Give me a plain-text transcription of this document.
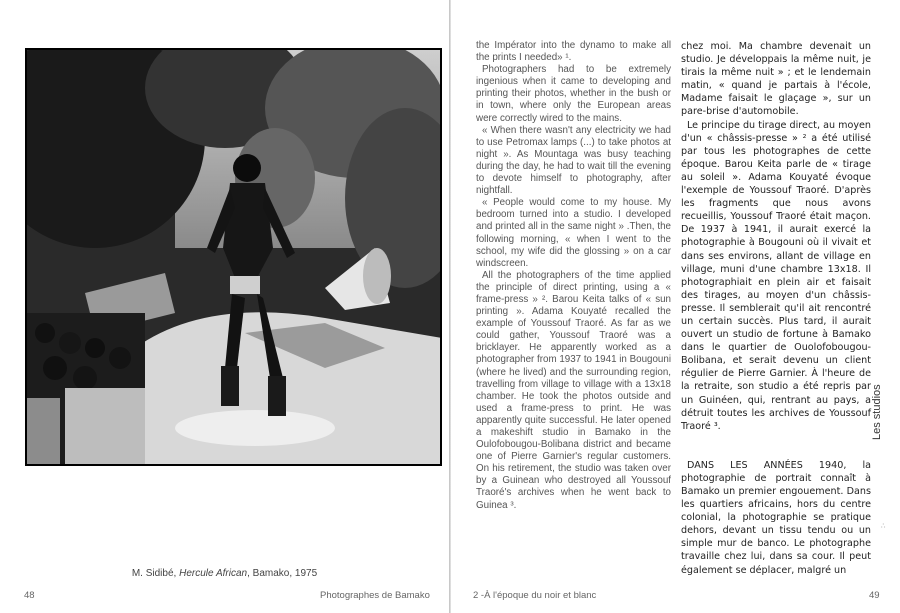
M. Sidibé, Hercule African, Bamako, 1975
48	Photographes de Bamako

the Impérator into the dynamo to make all the prints I needed» ¹.

Photographers had to be extremely ingenious when it came to developing and printing their photos, whether in the bush or in town, where only the European areas were correctly wired to the mains.

« When there wasn't any electricity we had to use Petromax lamps (...) to take photos at night ». As Mountaga was busy teaching during the day, he had to wait till the evening to devote himself to photography, after nightfall.

« People would come to my house. My bedroom turned into a studio. I developed and printed all in the same night » .Then, the following morning, « when I went to the school, my wife did the glossing » on a car windscreen.

All the photographers of the time applied the principle of direct printing, using a « frame-press » ². Barou Keita talks of « sun printing ». Adama Kouyaté recalled the example of Youssouf Traoré. As far as we could gather, Youssouf Traoré was a bricklayer. He apparently worked as a photographer from 1937 to 1941 in Bougouni (where he lived) and the surrounding region, travelling from village to village with a 13x18 chamber. He took the photos outside and used a frame-press to print. He was apparently quite successful. He later opened a makeshift studio in Bamako in the Oulofobougou-Bolibana district and became one of Pierre Garnier's regular customers. On his retirement, the studio was taken over by a Guinean who destroyed all Youssouf Traoré's archives when he went back to Guinea ³.

chez moi. Ma chambre devenait un studio. Je développais la même nuit, je tirais la même nuit » ; et le lendemain matin, « quand je partais à l'école, Madame faisait le glaçage », sur un pare-brise d'automobile.

Le principe du tirage direct, au moyen d'un « châssis-presse » ² a été utilisé par tous les photographes de cette époque. Barou Keita parle de « tirage au soleil ». Adama Kouyaté évoque l'exemple de Youssouf Traoré. D'après les fragments que nous avons recueillis, Youssouf Traoré était maçon. De 1937 à 1941, il aurait exercé la photographie à Bougouni où il vivait et dans ses environs, allant de village en village, muni d'une chambre 13x18. Il photographiait en plein air et faisait des tirages, au moyen d'un châssis-presse. Il semblerait qu'il ait rencontré un certain succès. Plus tard, il aurait ouvert un studio de fortune à Bamako dans le quartier de Ouolofobougou-Bolibana, et serait devenu un client régulier de Pierre Garnier. À l'heure de la retraite, son studio a été repris par un Guinéen, qui, rentrant au pays, a détruit toutes les archives de Youssouf Traoré ³.

DANS LES ANNÉES 1940, la photographie de portrait connaît à Bamako un premier engouement. Dans les quartiers africains, hors du centre colonial, la photographie se pratique dehors, devant un tissu tendu ou un simple mur de banco. Le photographe travaille chez lui, dans sa cour. Il peut également se déplacer, malgré un

Les studios
∴
2 -À l'époque du noir et blanc	49
